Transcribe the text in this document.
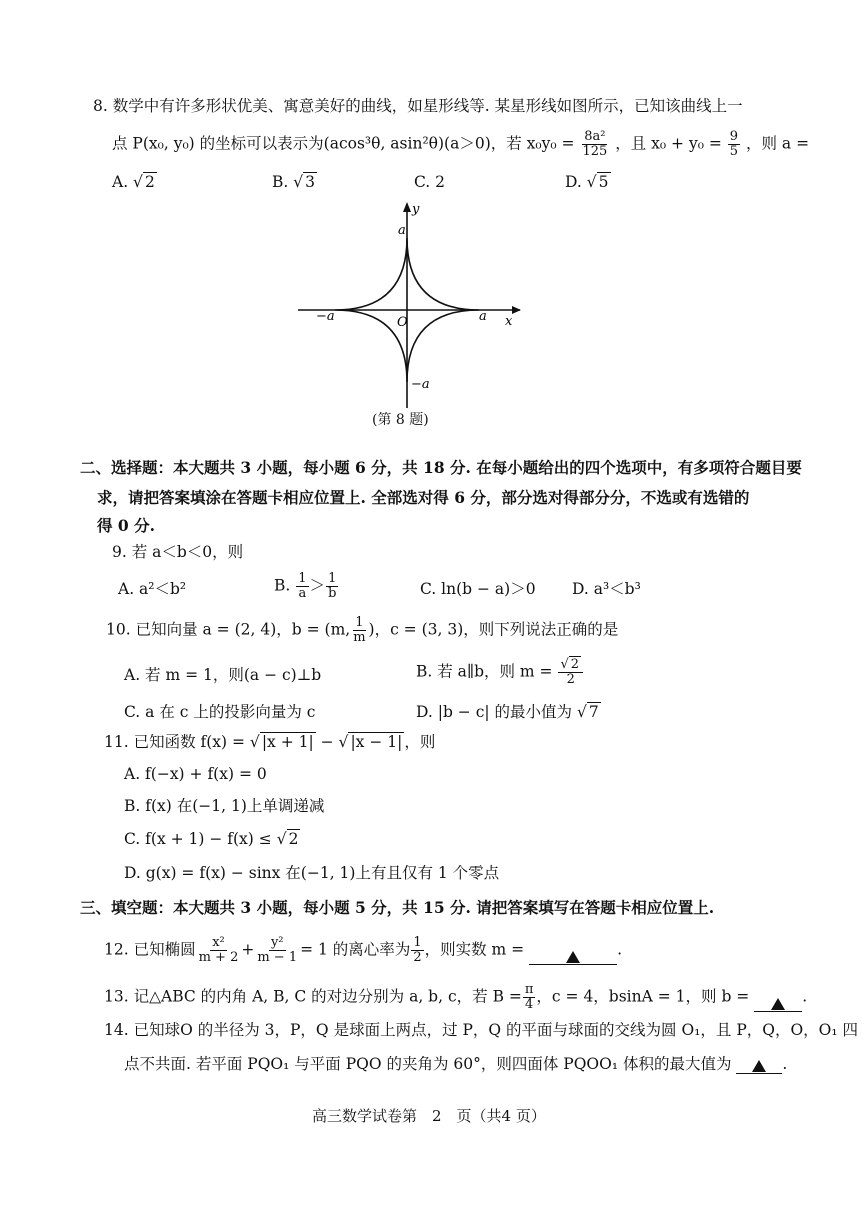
8. 数学中有许多形状优美、寓意美好的曲线，如星形线等. 某星形线如图所示，已知该曲线上一
点 P(x₀, y₀) 的坐标可以表示为(acos³θ, asin²θ)(a＞0)，若 $x_0y_0 = \frac{\text{8a²}}{125}$ ，且 $x_0 + y_0 = \frac{9}{5}$ ，则 a =
A. √ 2	B. √ 3	C. 2	D. √ 5
y
a
−a	O	a x
−a
(第 8 题)
二、选择题：本大题共 3 小题，每小题 6 分，共 18 分. 在每小题给出的四个选项中，有多项符合题目要
求，请把答案填涂在答题卡相应位置上. 全部选对得 6 分，部分选对得部分分，不选或有选错的
得 0 分.
9. 若 a＜b＜0，则
A. a²＜b²	B. $\frac{1}{a} > \frac{1}{b}$	C. ln(b − a)＞0 D. a³＜b³
10. 已知向量 a = (2, 4)，b = (m, $\frac{1}{m}$ )，c = (3, 3)，则下列说法正确的是
A. 若 m = 1，则(a − c)⊥b	B. 若 a∥b，则 $m = \frac{√ 2}{2}$
C. a 在 c 上的投影向量为 c	D. |b − c| 的最小值为 √ 7
11. 已知函数 f(x) = √ |x + 1| − √ |x − 1| ，则
A. f(−x) + f(x) = 0
B. f(x) 在(−1, 1)上单调递减
C. f(x + 1) − f(x) ≤ √ 2
D. g(x) = f(x) − sinx 在(−1, 1)上有且仅有 1 个零点
三、填空题：本大题共 3 小题，每小题 5 分，共 15 分. 请把答案填写在答题卡相应位置上.
12. 已知椭圆 $\frac{\text{x²}}{m + 2} + \frac{\text{y²}}{m - 1} = 1$ 的离心率为 $\frac{1}{2}$ ，则实数 m =	.
13. 记△ABC 的内角 A, B, C 的对边分别为 a, b, c，若 $B = \frac{\pi}{4}$ ，c = 4，bsinA = 1，则 b =	.
14. 已知球O 的半径为 3，P，Q 是球面上两点，过 P，Q 的平面与球面的交线为圆 O₁，且 P，Q，O，O₁ 四
点不共面. 若平面 PQO₁ 与平面 PQO 的夹角为 60°，则四面体 PQOO₁ 体积的最大值为	.
高三数学试卷第　2　页（共4 页）
